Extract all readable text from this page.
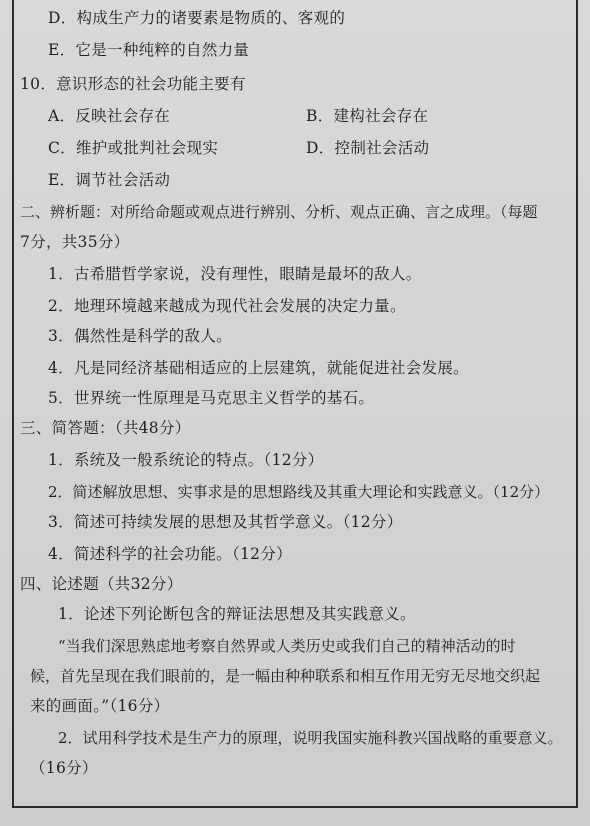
D．构成生产力的诸要素是物质的、客观的
E．它是一种纯粹的自然力量
10．意识形态的社会功能主要有
A．反映社会存在	B．建构社会存在
C．维护或批判社会现实	D．控制社会活动
E．调节社会活动
二、辨析题：对所给命题或观点进行辨别、分析、观点正确、言之成理。（每题
7分，共35分）
1．古希腊哲学家说，没有理性，眼睛是最坏的敌人。
2．地理环境越来越成为现代社会发展的决定力量。
3．偶然性是科学的敌人。
4．凡是同经济基础相适应的上层建筑，就能促进社会发展。
5．世界统一性原理是马克思主义哲学的基石。
三、简答题：（共48分）
1．系统及一般系统论的特点。（12分）
2．简述解放思想、实事求是的思想路线及其重大理论和实践意义。（12分）
3．简述可持续发展的思想及其哲学意义。（12分）
4．简述科学的社会功能。（12分）
四、论述题（共32分）
1．论述下列论断包含的辩证法思想及其实践意义。
“当我们深思熟虑地考察自然界或人类历史或我们自己的精神活动的时
候，首先呈现在我们眼前的，是一幅由种种联系和相互作用无穷无尽地交织起
来的画面。”（16分）
2．试用科学技术是生产力的原理，说明我国实施科教兴国战略的重要意义。
（16分）
